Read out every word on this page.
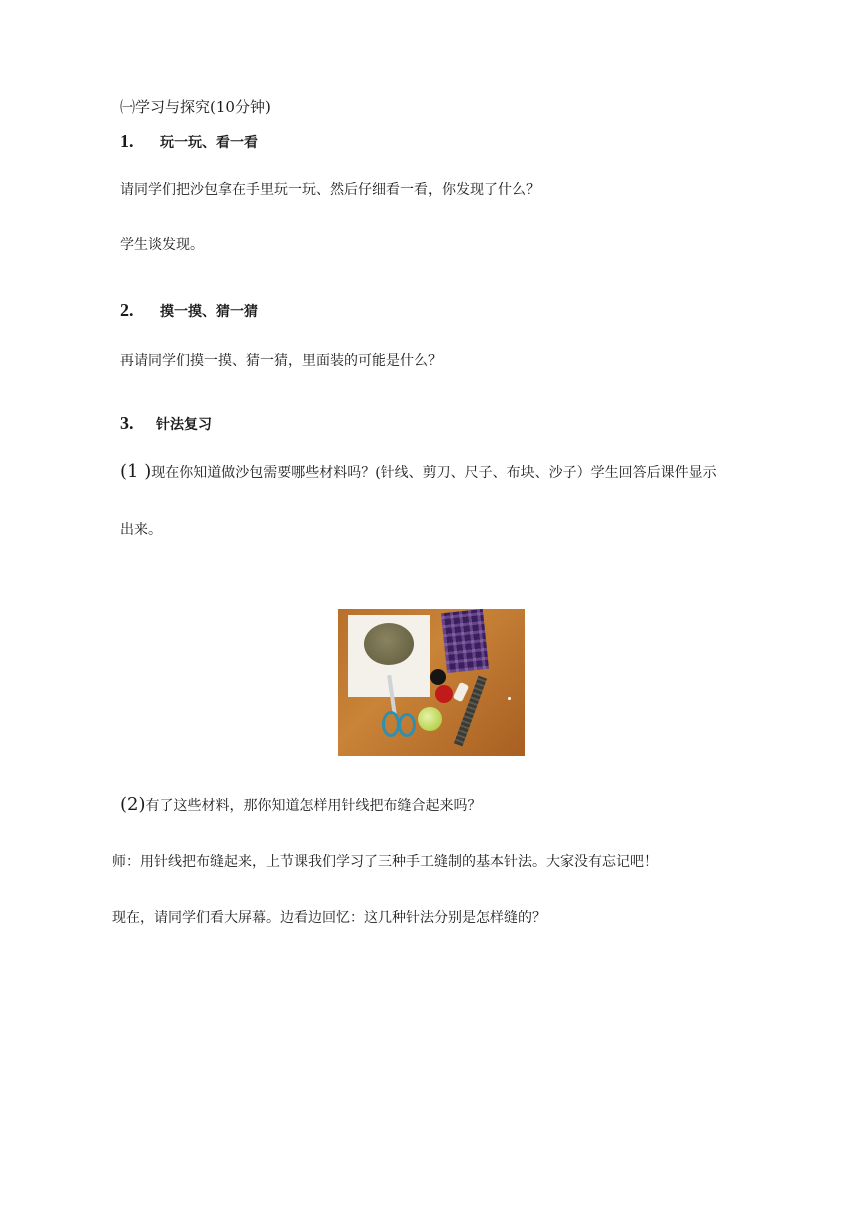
㈠学习与探究(10分钟)
1. 玩一玩、看一看
请同学们把沙包拿在手里玩一玩、然后仔细看一看，你发现了什么？
学生谈发现。
2. 摸一摸、猜一猜
再请同学们摸一摸、猜一猜，里面装的可能是什么？
3. 针法复习
(1 )现在你知道做沙包需要哪些材料吗？(针线、剪刀、尺子、布块、沙子）学生回答后课件显示
出来。
(2)有了这些材料，那你知道怎样用针线把布缝合起来吗？
师：用针线把布缝起来，上节课我们学习了三种手工缝制的基本针法。大家没有忘记吧！
现在，请同学们看大屏幕。边看边回忆：这几种针法分别是怎样缝的？
